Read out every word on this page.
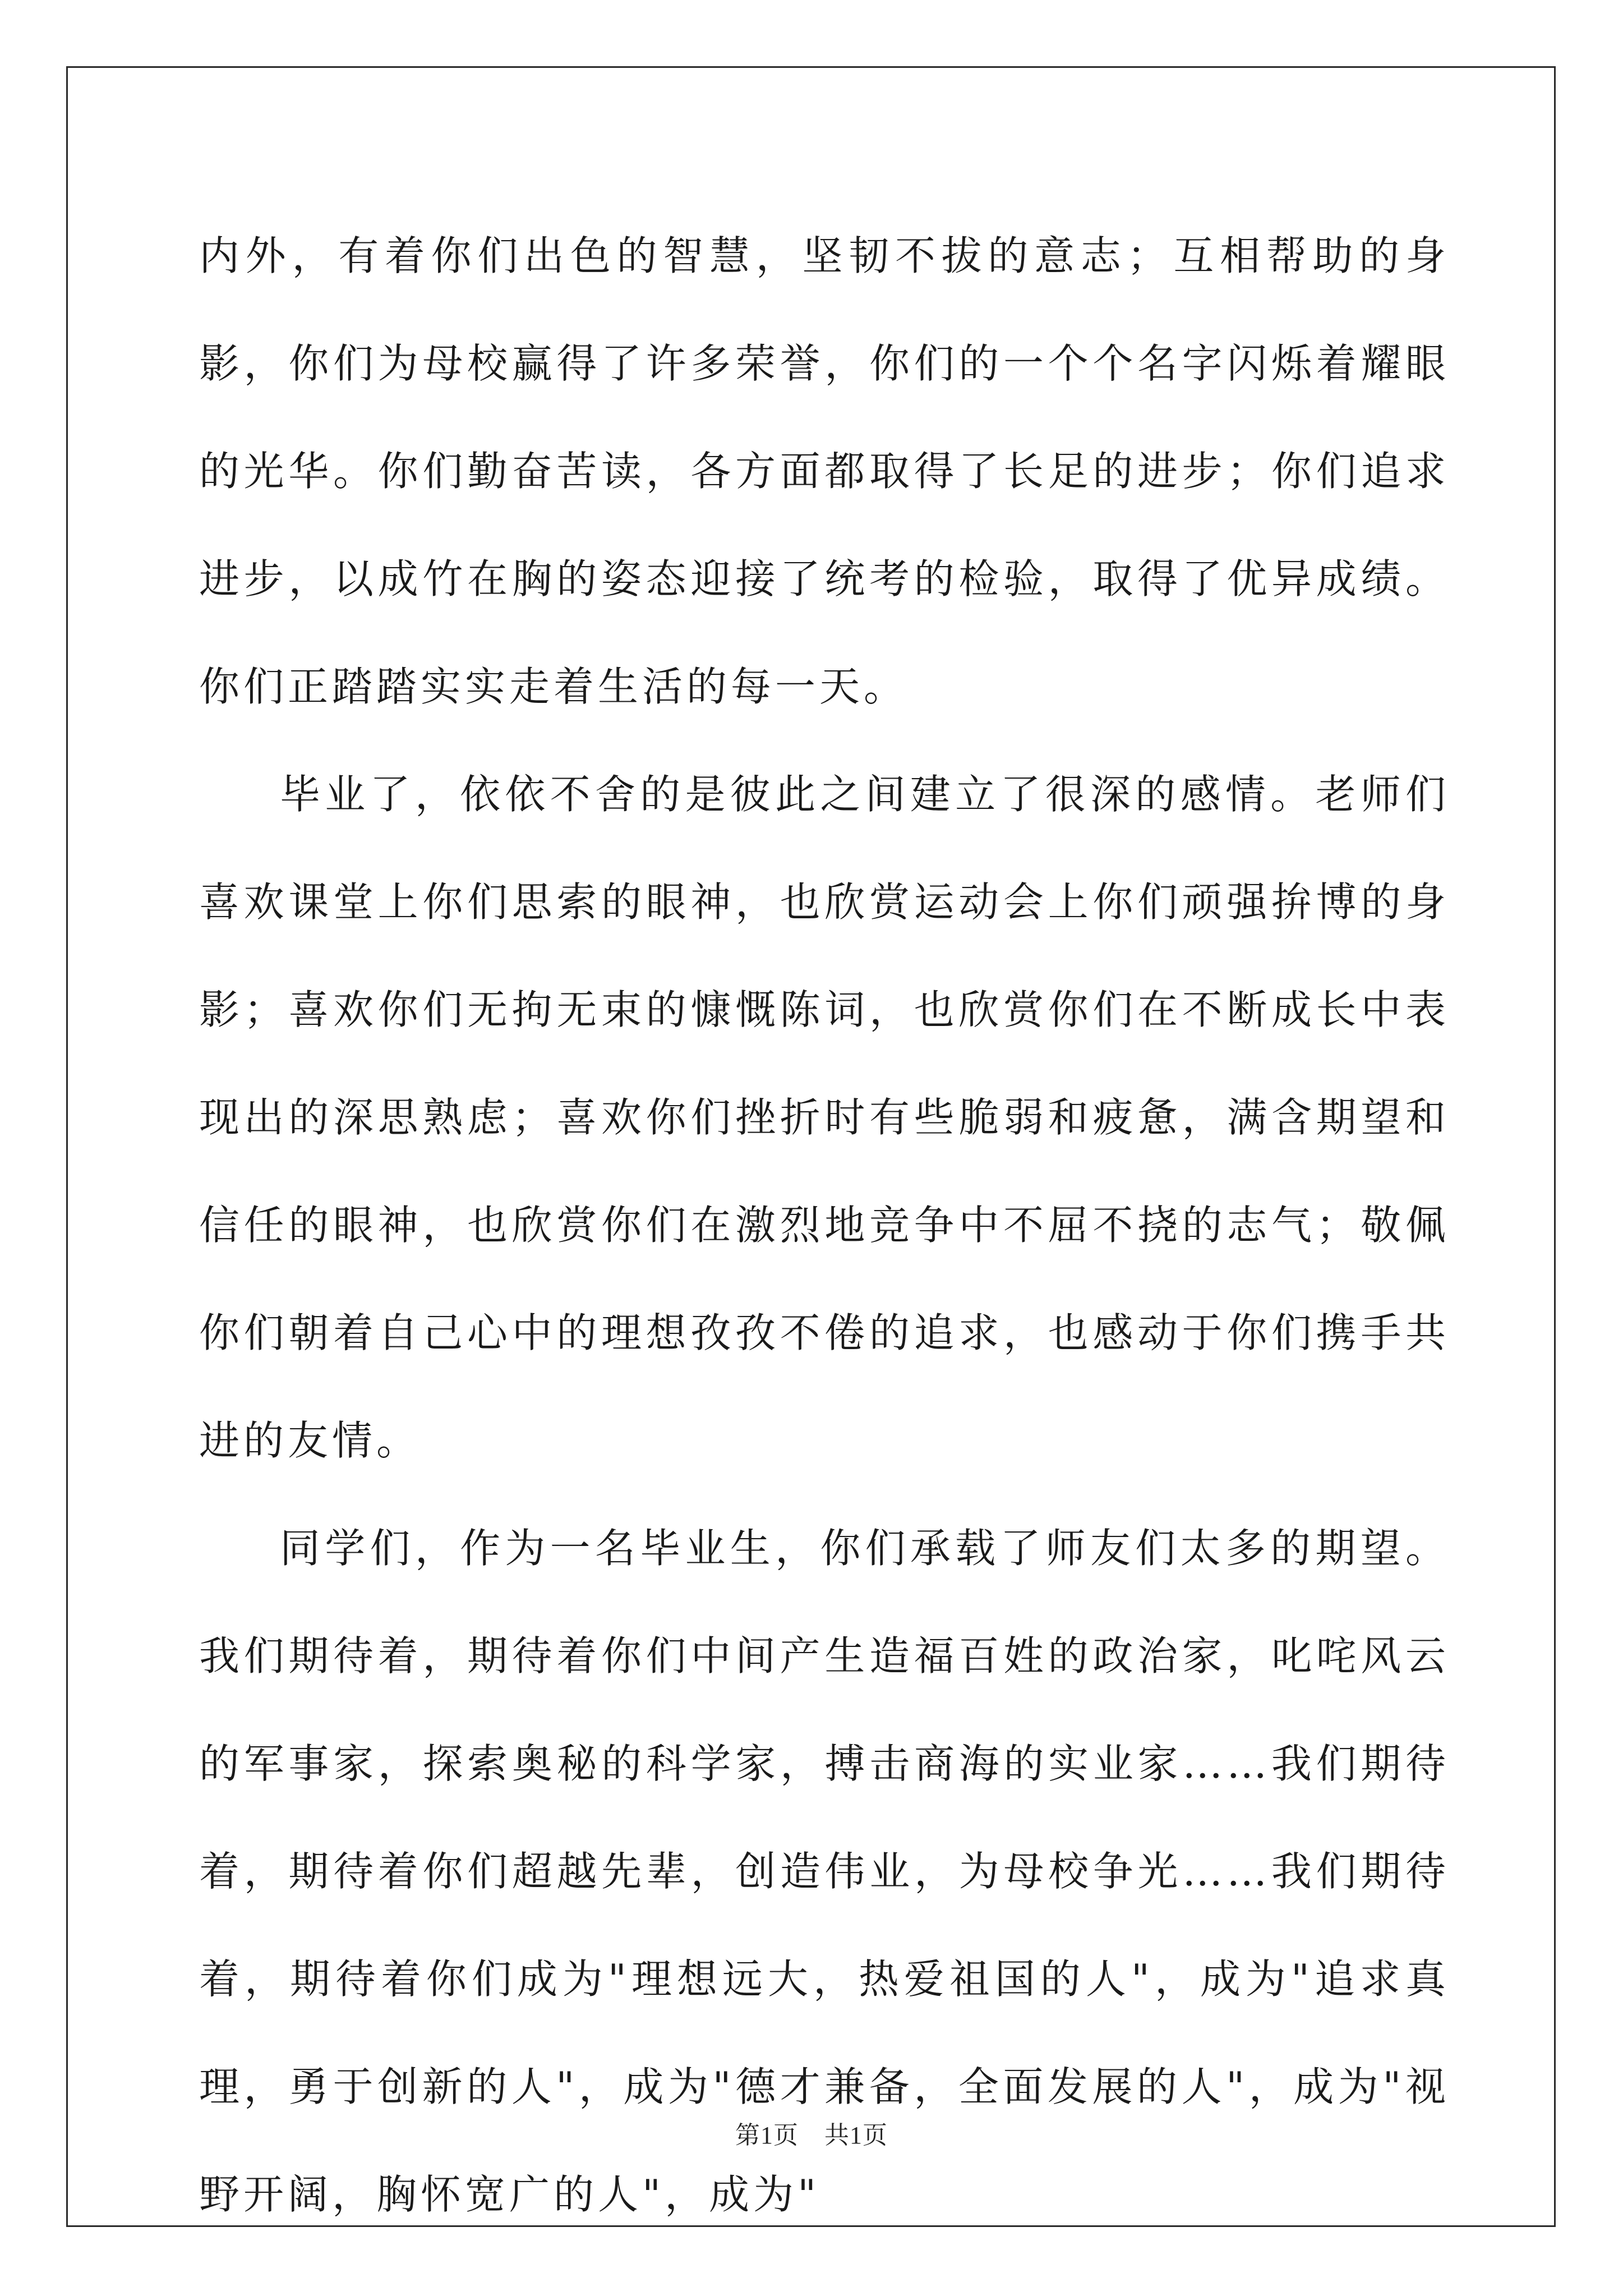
内外，有着你们出色的智慧，坚韧不拔的意志；互相帮助的身影，你们为母校赢得了许多荣誉，你们的一个个名字闪烁着耀眼的光华。你们勤奋苦读，各方面都取得了长足的进步；你们追求进步，以成竹在胸的姿态迎接了统考的检验，取得了优异成绩。你们正踏踏实实走着生活的每一天。

毕业了，依依不舍的是彼此之间建立了很深的感情。老师们喜欢课堂上你们思索的眼神，也欣赏运动会上你们顽强拚博的身影；喜欢你们无拘无束的慷慨陈词，也欣赏你们在不断成长中表现出的深思熟虑；喜欢你们挫折时有些脆弱和疲惫，满含期望和信任的眼神，也欣赏你们在激烈地竞争中不屈不挠的志气；敬佩你们朝着自己心中的理想孜孜不倦的追求，也感动于你们携手共进的友情。

同学们，作为一名毕业生，你们承载了师友们太多的期望。我们期待着，期待着你们中间产生造福百姓的政治家，叱咤风云的军事家，探索奥秘的科学家，搏击商海的实业家……我们期待着，期待着你们超越先辈，创造伟业，为母校争光……我们期待着，期待着你们成为"理想远大，热爱祖国的人"，成为"追求真理，勇于创新的人"，成为"德才兼备，全面发展的人"，成为"视野开阔，胸怀宽广的人"，成为"

第1页 共1页
